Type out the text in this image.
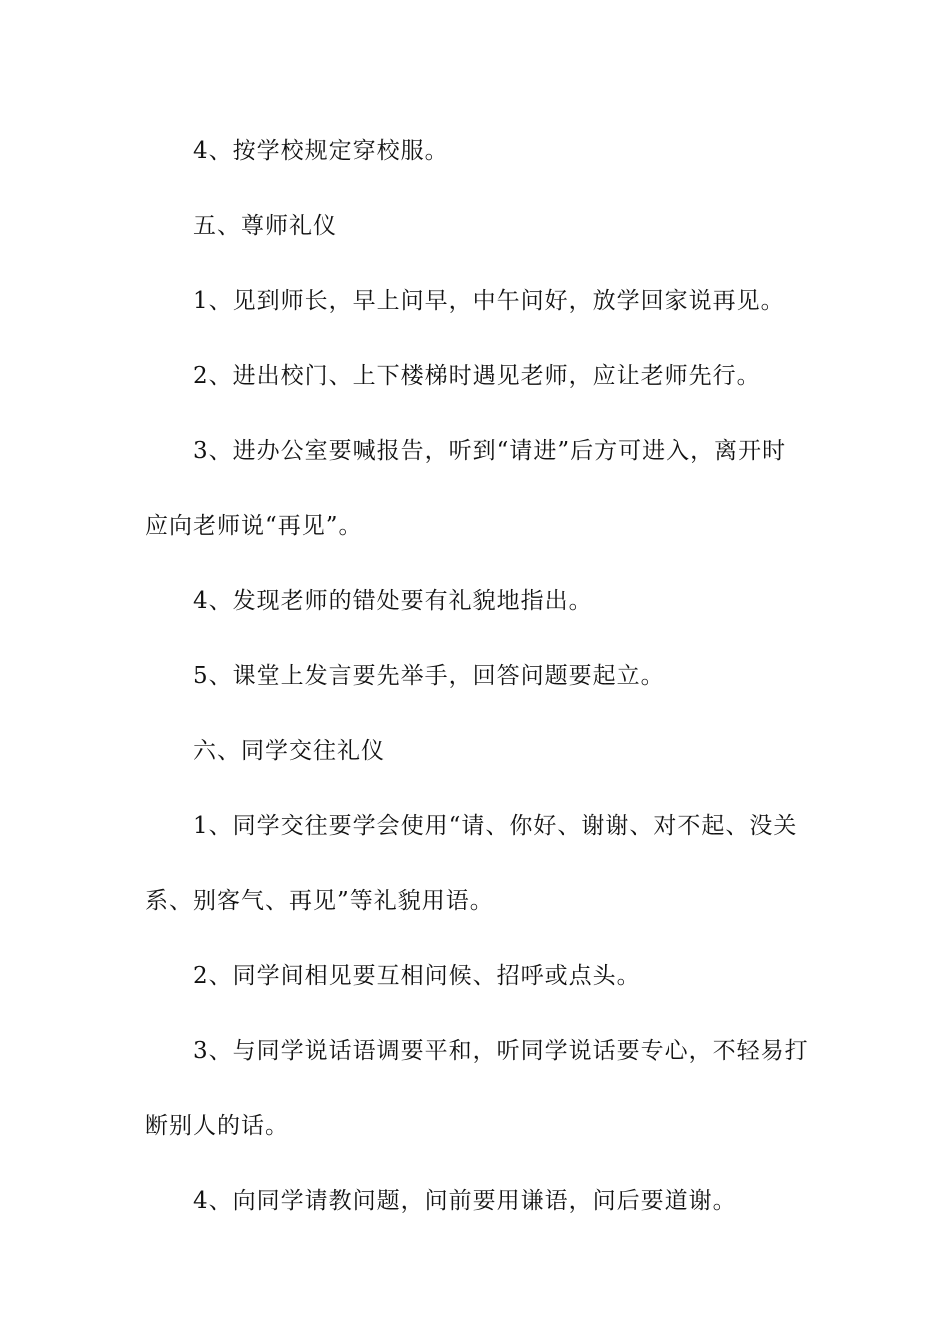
4、按学校规定穿校服。

五、尊师礼仪

1、见到师长，早上问早，中午问好，放学回家说再见。

2、进出校门、上下楼梯时遇见老师，应让老师先行。

3、进办公室要喊报告，听到“请进”后方可进入，离开时应向老师说“再见”。

4、发现老师的错处要有礼貌地指出。

5、课堂上发言要先举手，回答问题要起立。

六、同学交往礼仪

1、同学交往要学会使用“请、你好、谢谢、对不起、没关系、别客气、再见”等礼貌用语。

2、同学间相见要互相问候、招呼或点头。

3、与同学说话语调要平和，听同学说话要专心，不轻易打断别人的话。

4、向同学请教问题，问前要用谦语，问后要道谢。
